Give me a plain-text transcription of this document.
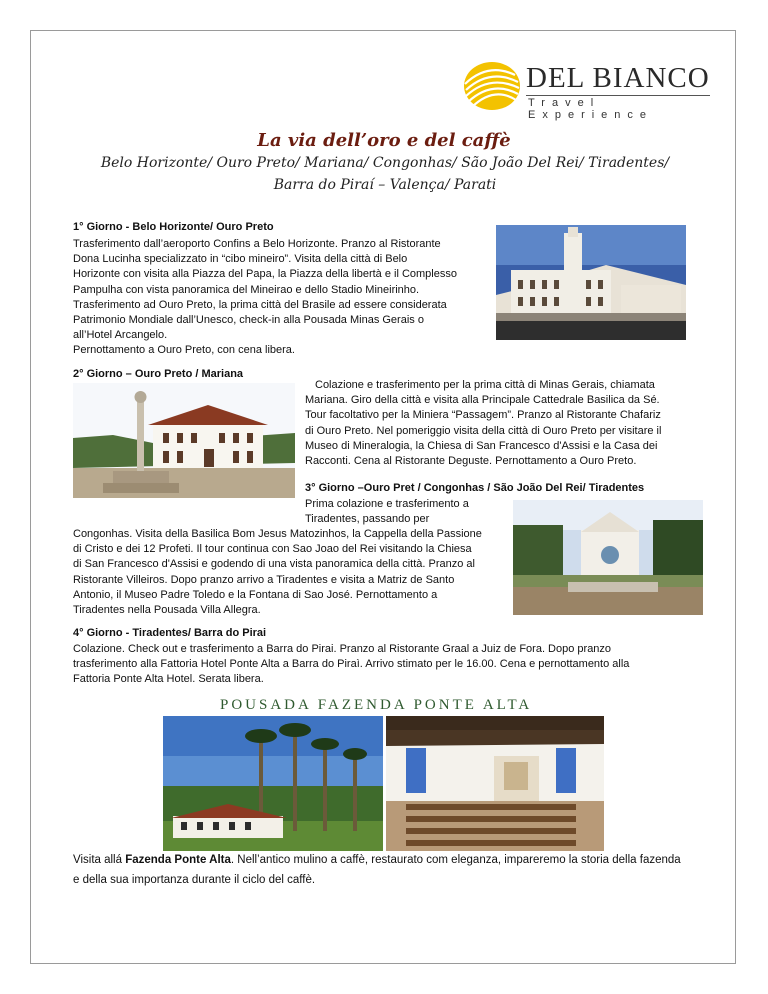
DEL BIANCO
Travel Experience
La via dell’oro e del caffè
Belo Horizonte/ Ouro Preto/ Mariana/ Congonhas/ São João Del Rei/ Tiradentes/ Barra do Piraí – Valença/ Parati
1° Giorno - Belo Horizonte/ Ouro Preto
Trasferimento dall’aeroporto Confins a Belo Horizonte. Pranzo al Ristorante
Dona Lucinha specializzato in “cibo mineiro”. Visita della città di Belo
Horizonte con visita alla Piazza del Papa, la Piazza della libertà e il Complesso
Pampulha con vista panoramica del Mineirao e dello Stadio Mineirinho.
Trasferimento ad Ouro Preto, la prima città del Brasile ad essere considerata
Patrimonio Mondiale dall’Unesco, check-in alla Pousada Minas Gerais o
all’Hotel Arcangelo.
Pernottamento a Ouro Preto, con cena libera.
2° Giorno – Ouro Preto / Mariana
Colazione e trasferimento per la prima città di Minas Gerais, chiamata
Mariana. Giro della città e visita alla Principale Cattedrale Basilica da Sé.
Tour facoltativo per la Miniera “Passagem”. Pranzo al Ristorante Chafariz
di Ouro Preto. Nel pomeriggio visita della città di Ouro Preto per visitare il
Museo di Mineralogia, la Chiesa di San Francesco d'Assisi e la Casa dei
Racconti. Cena al Ristorante Deguste. Pernottamento a Ouro Preto.
3° Giorno –Ouro Pret / Congonhas / São João Del Rei/ Tiradentes
Prima colazione e trasferimento a
Tiradentes, passando per
Congonhas. Visita della Basilica Bom Jesus Matozinhos, la Cappella della Passione
di Cristo e dei 12 Profeti. Il tour continua con Sao Joao del Rei visitando la Chiesa
di San Francesco d'Assisi e godendo di una vista panoramica della città. Pranzo al
Ristorante Villeiros. Dopo pranzo arrivo a Tiradentes e visita a Matriz de Santo
Antonio, il Museo Padre Toledo e la Fontana di Sao José. Pernottamento a
Tiradentes nella Pousada Villa Allegra.
4° Giorno - Tiradentes/ Barra do Pirai
Colazione. Check out e trasferimento a Barra do Pirai. Pranzo al Ristorante Graal a Juiz de Fora. Dopo pranzo
trasferimento alla Fattoria Hotel Ponte Alta a Barra do Piraì. Arrivo stimato per le 16.00. Cena e pernottamento alla
Fattoria Ponte Alta Hotel. Serata libera.
POUSADA FAZENDA PONTE ALTA
Visita allá Fazenda Ponte Alta. Nell’antico mulino a caffè, restaurato com eleganza, impareremo la storia della fazenda
e della sua importanza durante il ciclo del caffè.
